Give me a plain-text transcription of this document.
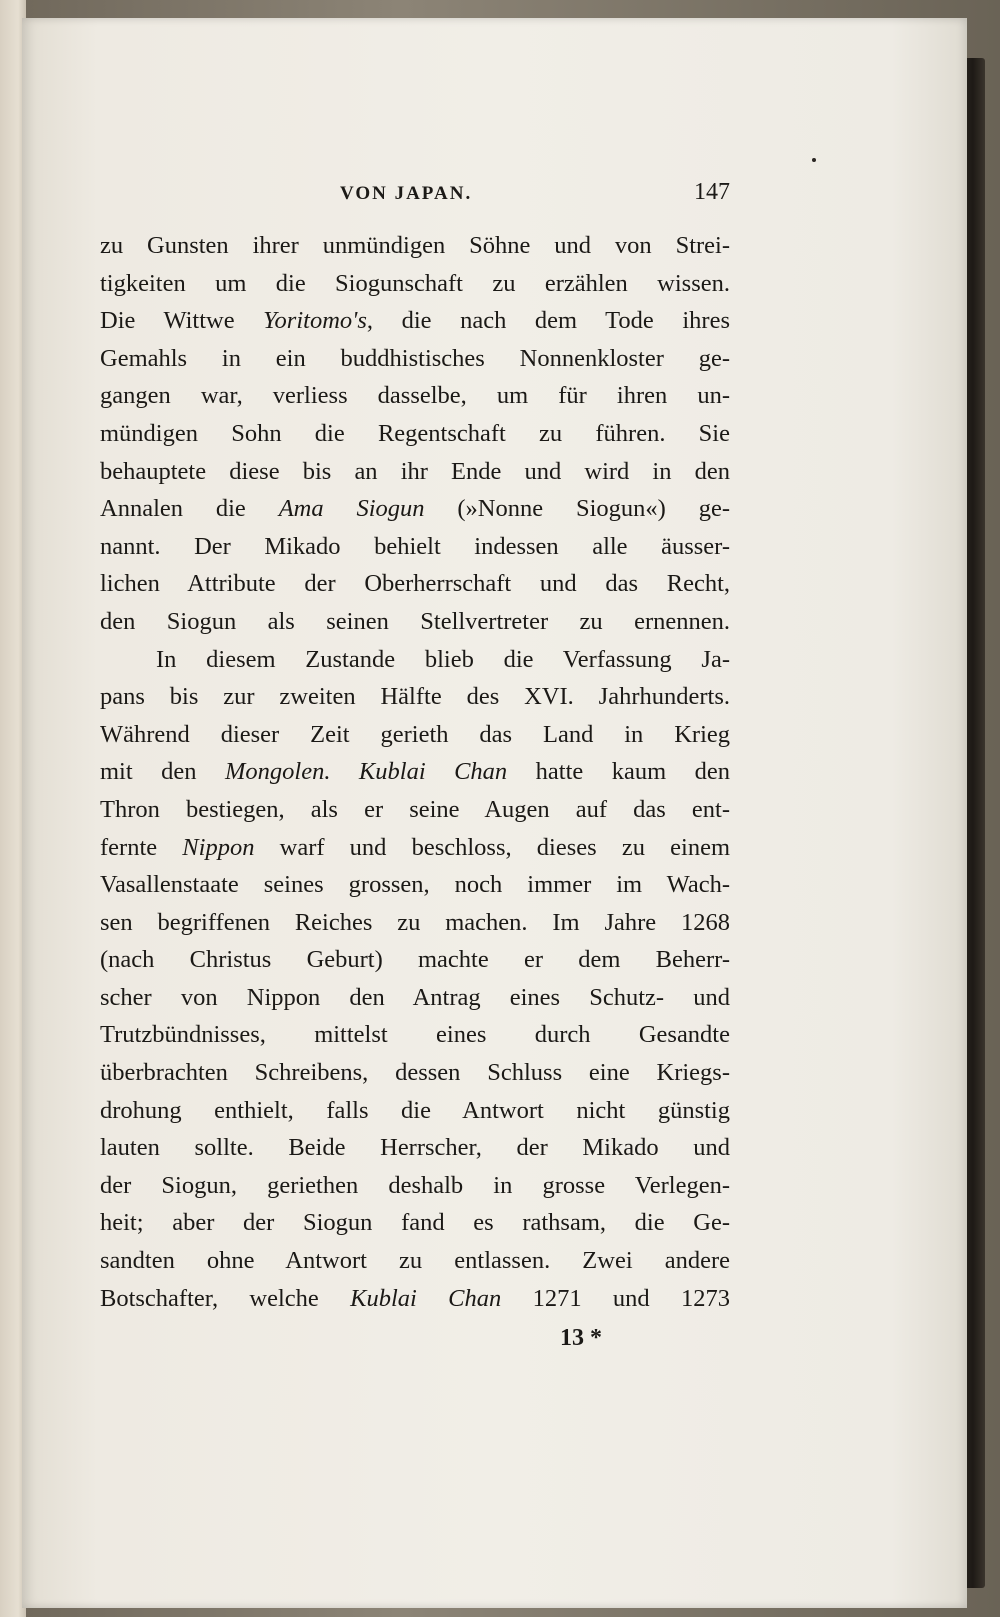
VON JAPAN.	147
zu Gunsten ihrer unmündigen Söhne und von Strei-
tigkeiten um die Siogunschaft zu erzählen wissen.
Die Wittwe Yoritomo's, die nach dem Tode ihres
Gemahls in ein buddhistisches Nonnenkloster ge-
gangen war, verliess dasselbe, um für ihren un-
mündigen Sohn die Regentschaft zu führen. Sie
behauptete diese bis an ihr Ende und wird in den
Annalen die Ama Siogun (»Nonne Siogun«) ge-
nannt. Der Mikado behielt indessen alle äusser-
lichen Attribute der Oberherrschaft und das Recht,
den Siogun als seinen Stellvertreter zu ernennen.
In diesem Zustande blieb die Verfassung Ja-
pans bis zur zweiten Hälfte des XVI. Jahrhunderts.
Während dieser Zeit gerieth das Land in Krieg
mit den Mongolen. Kublai Chan hatte kaum den
Thron bestiegen, als er seine Augen auf das ent-
fernte Nippon warf und beschloss, dieses zu einem
Vasallenstaate seines grossen, noch immer im Wach-
sen begriffenen Reiches zu machen. Im Jahre 1268
(nach Christus Geburt) machte er dem Beherr-
scher von Nippon den Antrag eines Schutz- und
Trutzbündnisses, mittelst eines durch Gesandte
überbrachten Schreibens, dessen Schluss eine Kriegs-
drohung enthielt, falls die Antwort nicht günstig
lauten sollte. Beide Herrscher, der Mikado und
der Siogun, geriethen deshalb in grosse Verlegen-
heit; aber der Siogun fand es rathsam, die Ge-
sandten ohne Antwort zu entlassen. Zwei andere
Botschafter, welche Kublai Chan 1271 und 1273
13 *
